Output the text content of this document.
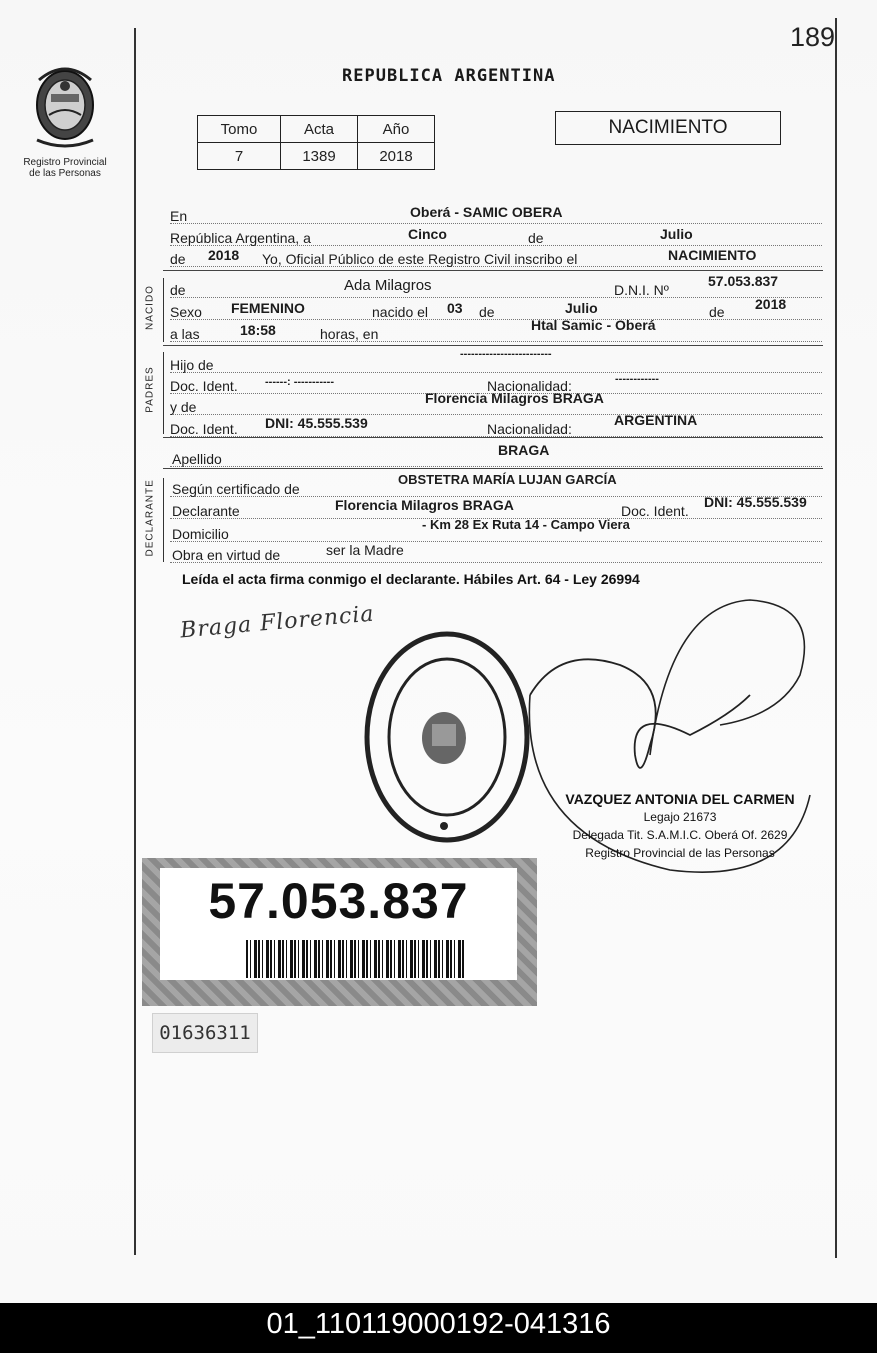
189
Registro Provincial de las Personas
REPUBLICA ARGENTINA
Tomo	Acta	Año
7	1389	2018
NACIMIENTO
En	Oberá - SAMIC OBERA
República Argentina, a	Cinco	de	Julio
de 2018 Yo, Oficial Público de este Registro Civil inscribo el	NACIMIENTO
NACIDO de	Ada Milagros	D.N.I. Nº
57.053.837
Sexo FEMENINO	nacido el 03 de	Julio	de 2018
a las	18:58	horas, en
Htal Samic - Oberá
PADRES
Hijo de
-------------------------
Doc. Ident. ------: -----------	Nacionalidad:	------------
y de
Florencia Milagros BRAGA
Doc. Ident. DNI: 45.555.539	Nacionalidad:
ARGENTINA
Apellido
BRAGA
DECLARANTE Según certificado de
OBSTETRA MARÍA LUJAN GARCÍA
Declarante	Florencia Milagros BRAGA	Doc. Ident.
DNI: 45.555.539
Domicilio
- Km 28 Ex Ruta 14 - Campo Viera
Obra en virtud de	ser la Madre
Leída el acta firma conmigo el declarante. Hábiles Art. 64 - Ley 26994
Braga Florencia
VAZQUEZ ANTONIA DEL CARMEN
Legajo 21673
Delegada Tit. S.A.M.I.C. Oberá Of. 2629
Registro Provincial de las Personas
57.053.837
01636311
01_110119000192-041316
